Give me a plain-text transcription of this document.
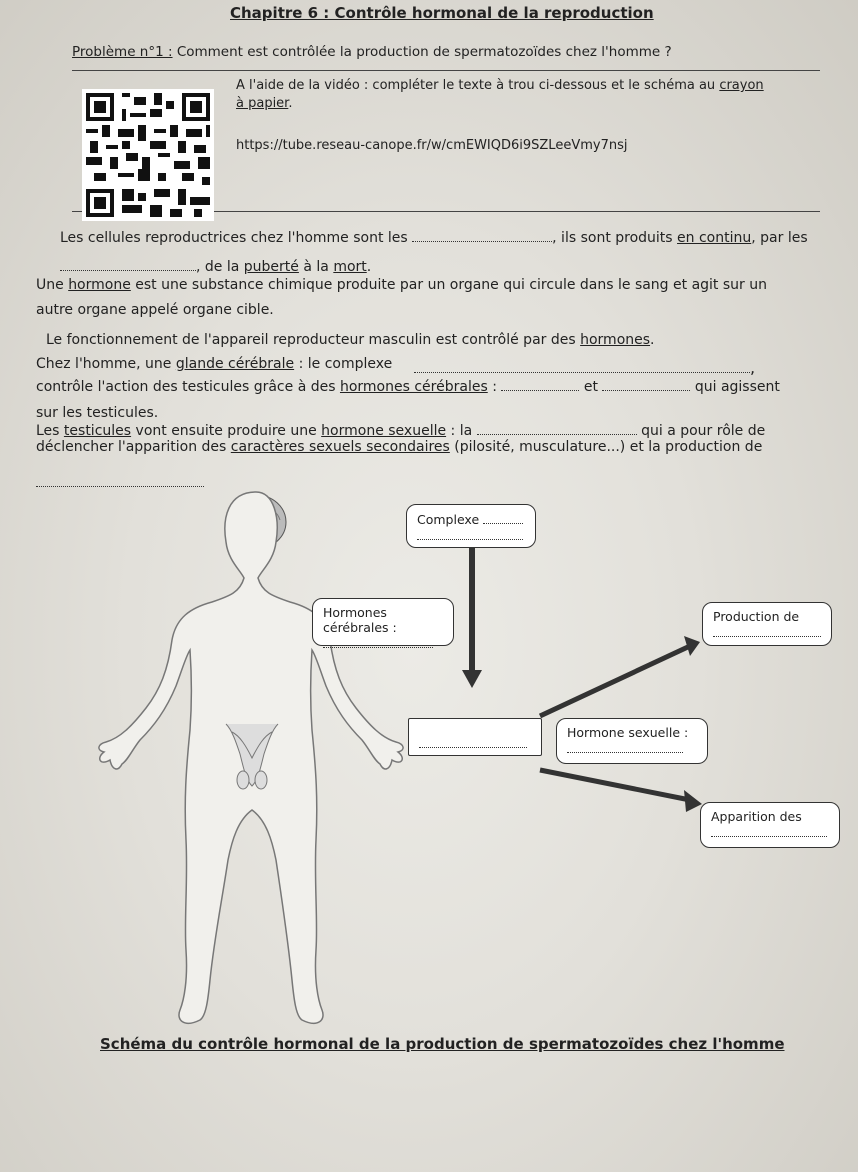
Chapitre 6 : Contrôle hormonal de la reproduction
Problème n°1 : Comment est contrôlée la production de spermatozoïdes chez l'homme ?
A l'aide de la vidéo : compléter le texte à trou ci-dessous et le schéma au crayon
à papier.
https://tube.reseau-canope.fr/w/cmEWIQD6i9SZLeeVmy7nsj
Les cellules reproductrices chez l'homme sont les	, ils sont produits en continu, par les
, de la puberté à la mort.
Une hormone est une substance chimique produite par un organe qui circule dans le sang et agit sur un
autre organe appelé organe cible.
Le fonctionnement de l'appareil reproducteur masculin est contrôlé par des hormones.
Chez l'homme, une glande cérébrale : le complexe	,
contrôle l'action des testicules grâce à des hormones cérébrales :	et	qui agissent
sur les testicules.
Les testicules vont ensuite produire une hormone sexuelle : la	qui a pour rôle de
déclencher l'apparition des caractères sexuels secondaires (pilosité, musculature...) et la production de
Complexe

Hormones cérébrales :

Production de

Hormone sexuelle :

Apparition des

Schéma du contrôle hormonal de la production de spermatozoïdes chez l'homme
